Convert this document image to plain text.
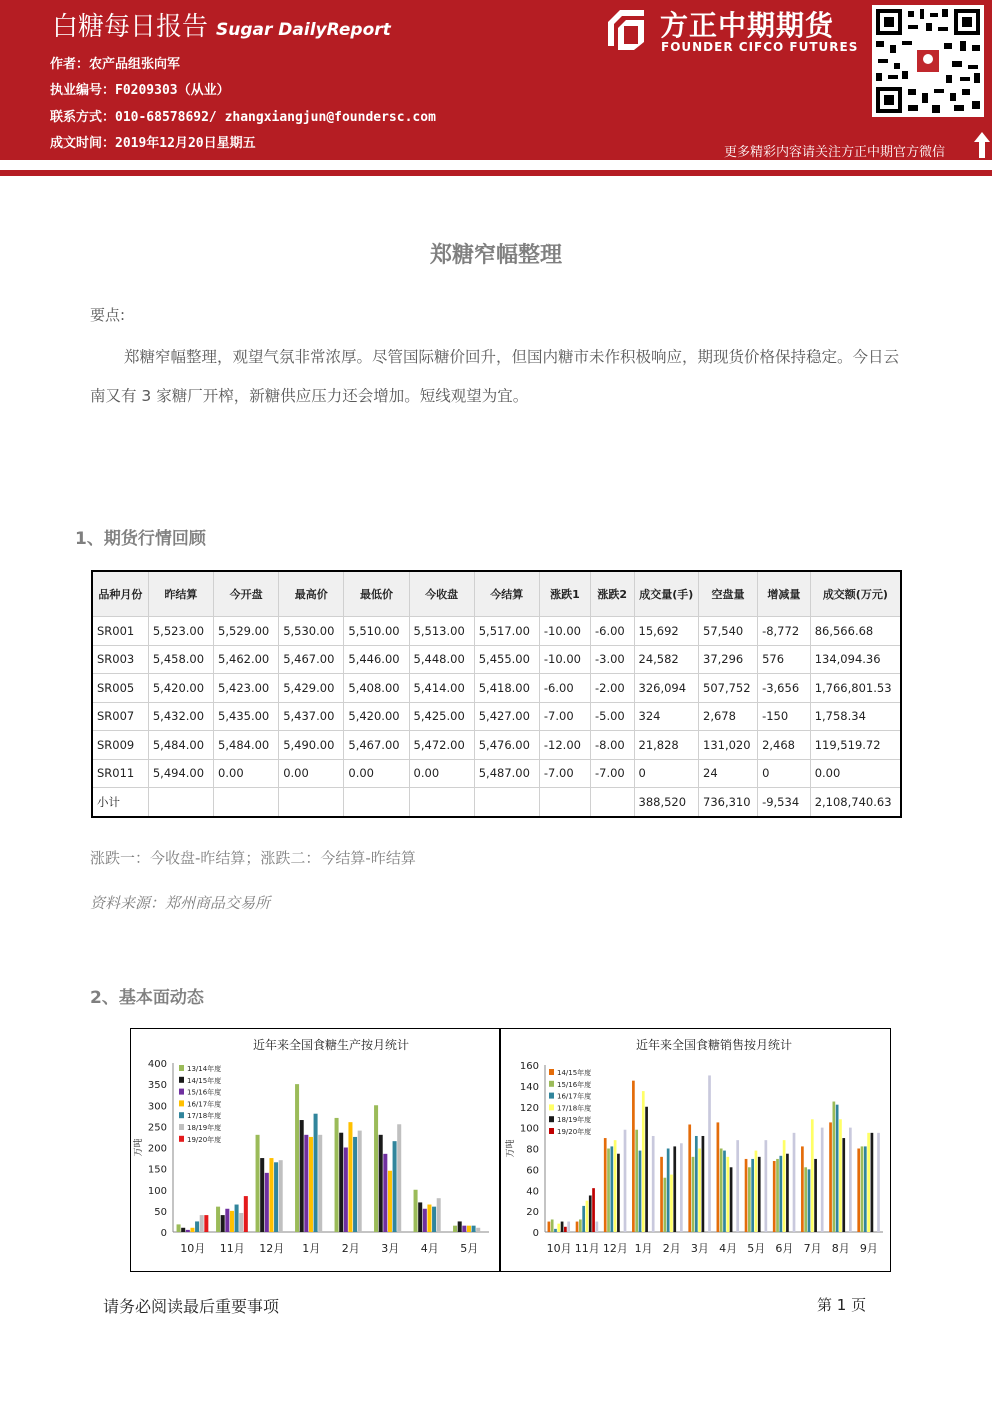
白糖每日报告 Sugar DailyReport
作者：农产品组张向军
执业编号：F0209303（从业）
联系方式：010-68578692/ zhangxiangjun@foundersc.com
成文时间：2019年12月20日星期五
方正中期期货
FOUNDER CIFCO FUTURES
更多精彩内容请关注方正中期官方微信
郑糖窄幅整理
要点:
郑糖窄幅整理，观望气氛非常浓厚。尽管国际糖价回升，但国内糖市未作积极响应，期现货价格保持稳定。今日云南又有 3 家糖厂开榨，新糖供应压力还会增加。短线观望为宜。
1、期货行情回顾
品种月份	昨结算	今开盘	最高价	最低价	今收盘	今结算	涨跌1	涨跌2	成交量(手)	空盘量	增减量	成交额(万元)
SR001	5,523.00	5,529.00	5,530.00	5,510.00	5,513.00	5,517.00	-10.00	-6.00	15,692	57,540	-8,772	86,566.68
SR003	5,458.00	5,462.00	5,467.00	5,446.00	5,448.00	5,455.00	-10.00	-3.00	24,582	37,296	576	134,094.36
SR005	5,420.00	5,423.00	5,429.00	5,408.00	5,414.00	5,418.00	-6.00	-2.00	326,094	507,752	-3,656	1,766,801.53
SR007	5,432.00	5,435.00	5,437.00	5,420.00	5,425.00	5,427.00	-7.00	-5.00	324	2,678	-150	1,758.34
SR009	5,484.00	5,484.00	5,490.00	5,467.00	5,472.00	5,476.00	-12.00	-8.00	21,828	131,020	2,468	119,519.72
SR011	5,494.00	0.00	0.00	0.00	0.00	5,487.00	-7.00	-7.00	0	24	0	0.00
小计									388,520	736,310	-9,534	2,108,740.63
涨跌一：今收盘-昨结算；涨跌二：今结算-昨结算
资料来源：郑州商品交易所
2、基本面动态
近年来全国食糖生产按月统计
万吨
0
50
100
150
200
250
300
350
400
10月 11月 12月 1月 2月 3月 4月 5月
13/14年度
14/15年度
15/16年度
16/17年度
17/18年度
18/19年度
19/20年度
近年来全国食糖销售按月统计
万吨
0
20
40
60
80
100
120
140
160
10月 11月 12月 1月 2月 3月 4月 5月 6月 7月 8月 9月
14/15年度
15/16年度
16/17年度
17/18年度
18/19年度
19/20年度
请务必阅读最后重要事项	第 1 页
